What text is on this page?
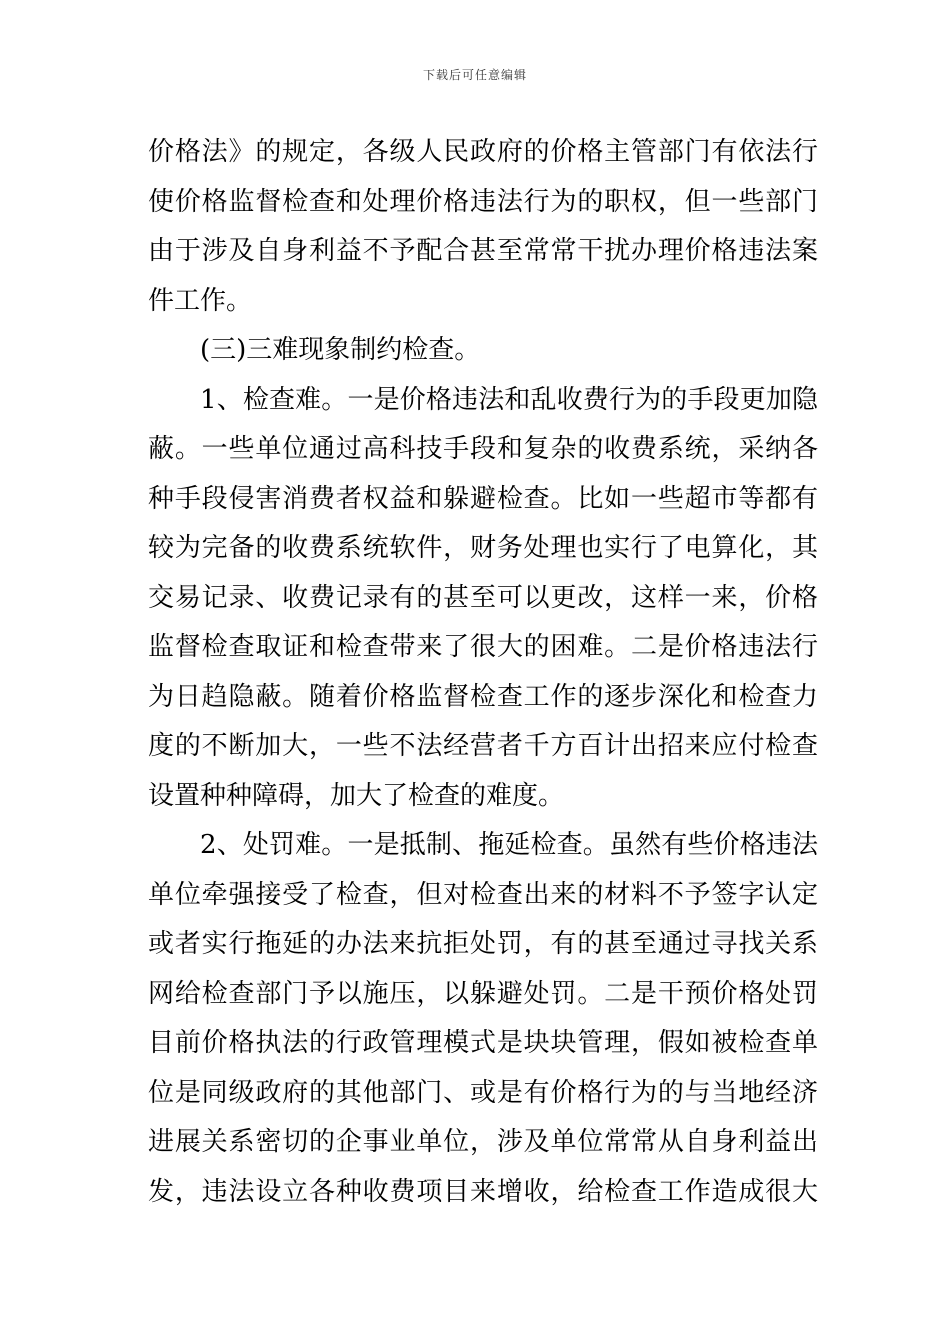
下载后可任意编辑
价格法》的规定，各级人民政府的价格主管部门有依法行
使价格监督检查和处理价格违法行为的职权，但一些部门
由于涉及自身利益不予配合甚至常常干扰办理价格违法案
件工作。
(三)三难现象制约检查。
1、检查难。一是价格违法和乱收费行为的手段更加隐
蔽。一些单位通过高科技手段和复杂的收费系统，采纳各
种手段侵害消费者权益和躲避检查。比如一些超市等都有
较为完备的收费系统软件，财务处理也实行了电算化，其
交易记录、收费记录有的甚至可以更改，这样一来，价格
监督检查取证和检查带来了很大的困难。二是价格违法行
为日趋隐蔽。随着价格监督检查工作的逐步深化和检查力
度的不断加大，一些不法经营者千方百计出招来应付检查
设置种种障碍，加大了检查的难度。
2、处罚难。一是抵制、拖延检查。虽然有些价格违法
单位牵强接受了检查，但对检查出来的材料不予签字认定
或者实行拖延的办法来抗拒处罚，有的甚至通过寻找关系
网给检查部门予以施压，以躲避处罚。二是干预价格处罚
目前价格执法的行政管理模式是块块管理，假如被检查单
位是同级政府的其他部门、或是有价格行为的与当地经济
进展关系密切的企事业单位，涉及单位常常从自身利益出
发，违法设立各种收费项目来增收，给检查工作造成很大
